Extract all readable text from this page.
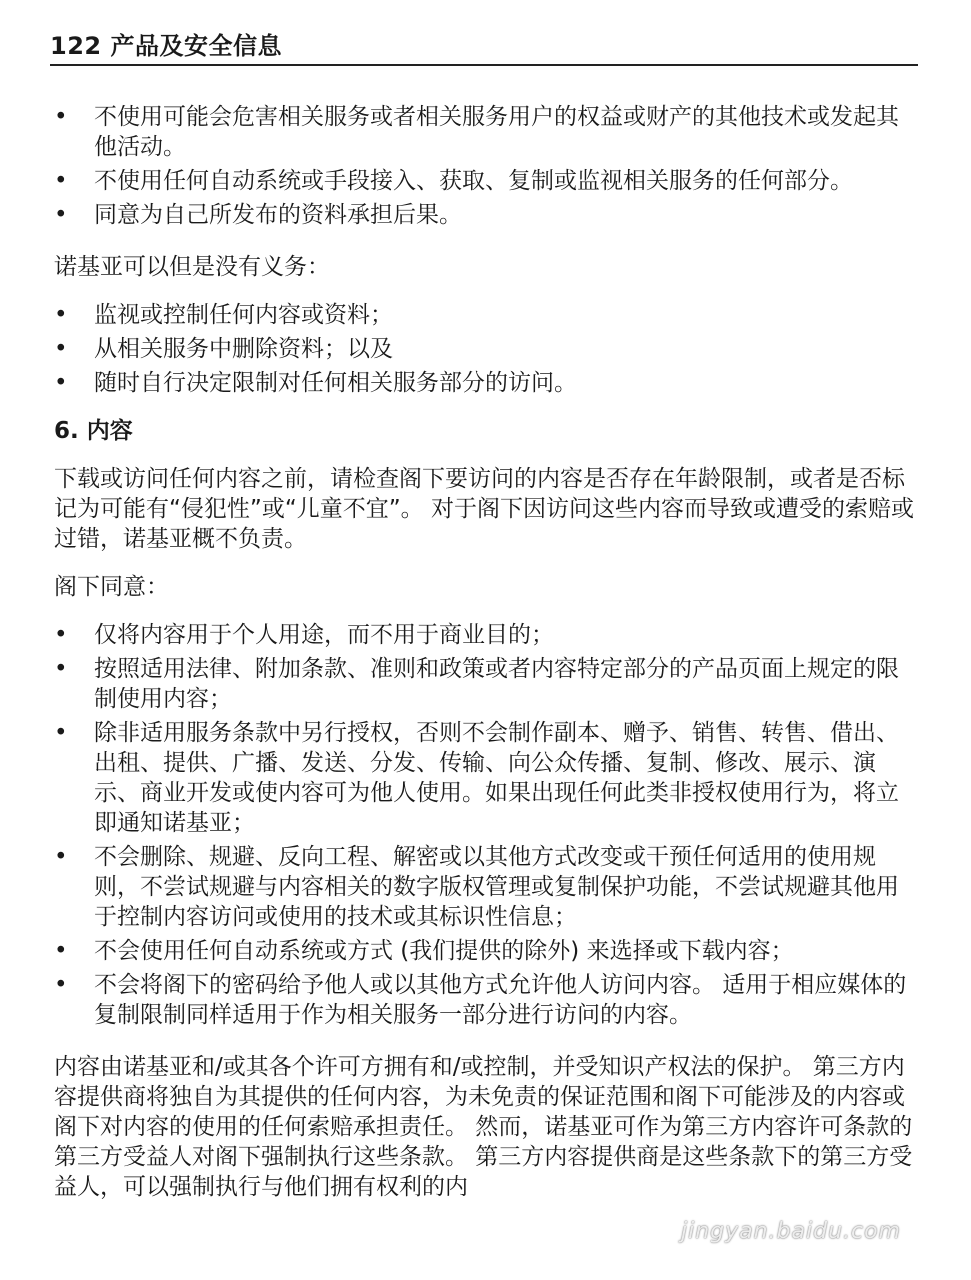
122 产品及安全信息
• 不使用可能会危害相关服务或者相关服务用户的权益或财产的其他技术或发起其他活动。
• 不使用任何自动系统或手段接入、获取、复制或监视相关服务的任何部分。
• 同意为自己所发布的资料承担后果。

诺基亚可以但是没有义务：

• 监视或控制任何内容或资料；
• 从相关服务中删除资料；以及
• 随时自行决定限制对任何相关服务部分的访问。

6. 内容

下载或访问任何内容之前，请检查阁下要访问的内容是否存在年龄限制，或者是否标记为可能有“侵犯性”或“儿童不宜”。 对于阁下因访问这些内容而导致或遭受的索赔或过错，诺基亚概不负责。

阁下同意：

• 仅将内容用于个人用途，而不用于商业目的；
• 按照适用法律、附加条款、准则和政策或者内容特定部分的产品页面上规定的限制使用内容；
• 除非适用服务条款中另行授权，否则不会制作副本、赠予、销售、转售、借出、出租、提供、广播、发送、分发、传输、向公众传播、复制、修改、展示、演示、商业开发或使内容可为他人使用。如果出现任何此类非授权使用行为，将立即通知诺基亚；
• 不会删除、规避、反向工程、解密或以其他方式改变或干预任何适用的使用规则，不尝试规避与内容相关的数字版权管理或复制保护功能，不尝试规避其他用于控制内容访问或使用的技术或其标识性信息；
• 不会使用任何自动系统或方式 (我们提供的除外) 来选择或下载内容；
• 不会将阁下的密码给予他人或以其他方式允许他人访问内容。 适用于相应媒体的复制限制同样适用于作为相关服务一部分进行访问的内容。

内容由诺基亚和/或其各个许可方拥有和/或控制，并受知识产权法的保护。 第三方内容提供商将独自为其提供的任何内容，为未免责的保证范围和阁下可能涉及的内容或阁下对内容的使用的任何索赔承担责任。 然而，诺基亚可作为第三方内容许可条款的第三方受益人对阁下强制执行这些条款。 第三方内容提供商是这些条款下的第三方受益人，可以强制执行与他们拥有权利的内

jingyan.baidu.com
